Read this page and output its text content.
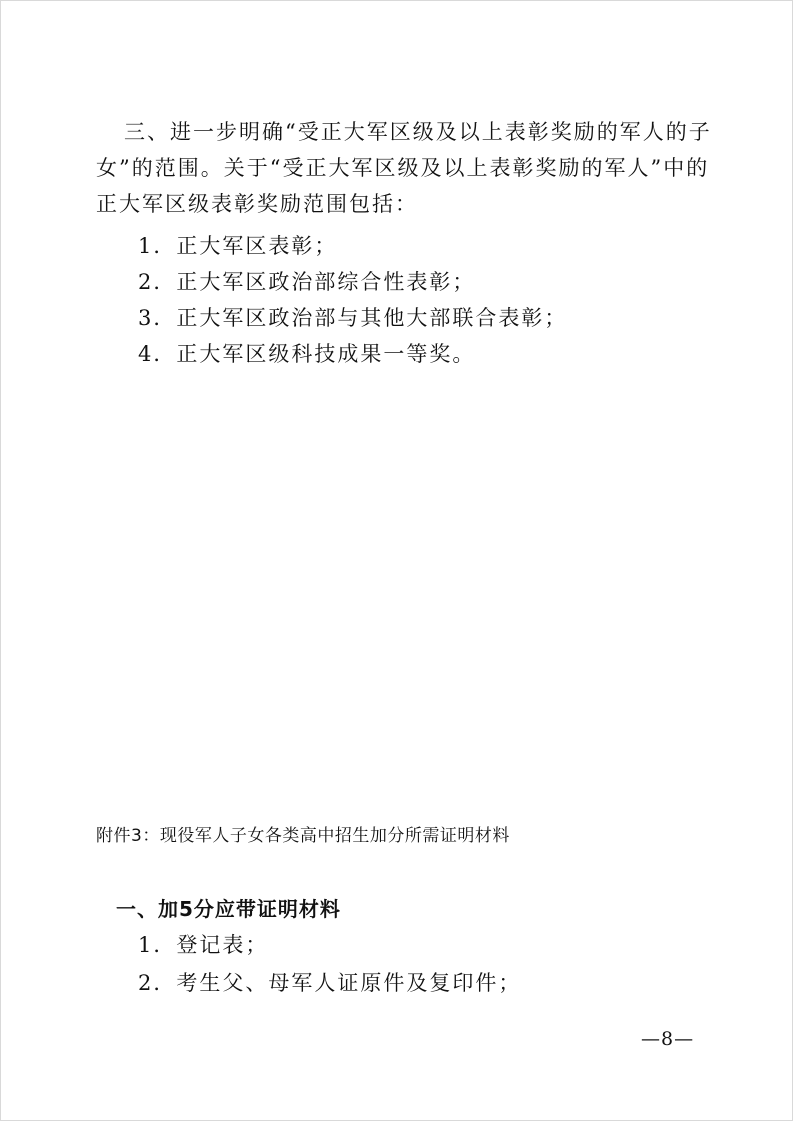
三、进一步明确“受正大军区级及以上表彰奖励的军人的子
女”的范围。关于“受正大军区级及以上表彰奖励的军人”中的
正大军区级表彰奖励范围包括：
1．正大军区表彰；
2．正大军区政治部综合性表彰；
3．正大军区政治部与其他大部联合表彰；
4．正大军区级科技成果一等奖。
附件3：现役军人子女各类高中招生加分所需证明材料
一、加5分应带证明材料
1．登记表；
2．考生父、母军人证原件及复印件；
—8—
